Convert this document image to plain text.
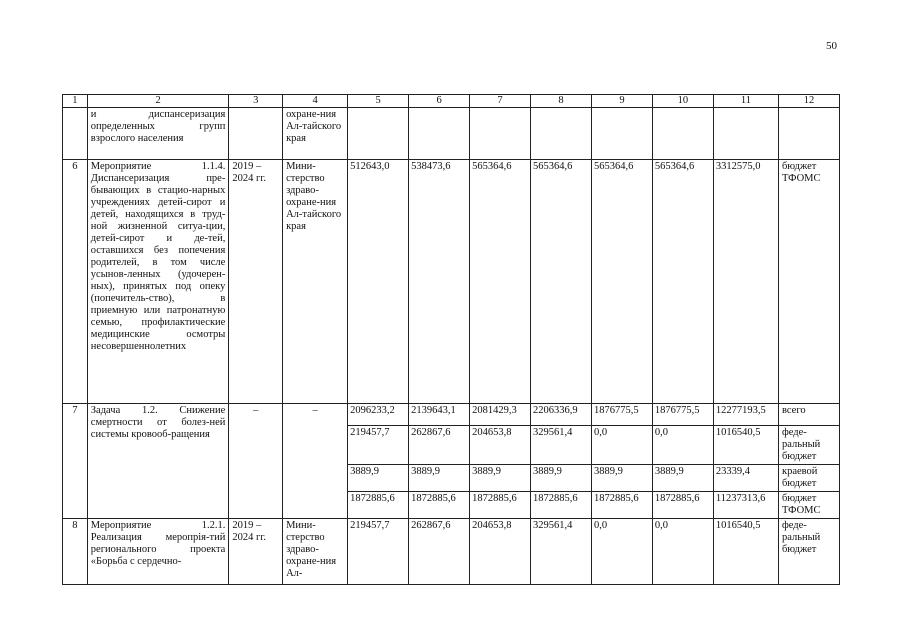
50
1	2	3	4	5	6	7	8	9	10	11	12
	и диспансеризация определенных групп взрослого населения		охране-ния Ал-тайского края								
6	Мероприятие 1.1.4. Диспансеризация пре-бывающих в стацио-нарных учреждениях детей-сирот и детей, находящихся в труд-ной жизненной ситуа-ции, детей-сирот и де-тей, оставшихся без попечения родителей, в том числе усынов-ленных (удочерен-ных), принятых под опеку (попечитель-ство), в приемную или патронатную семью, профилактические медицинские осмотры несовершеннолетних	2019 – 2024 гг.	Мини-стерство здраво-охране-ния Ал-тайского края	512643,0	538473,6	565364,6	565364,6	565364,6	565364,6	3312575,0	бюджет ТФОМС
7	Задача 1.2. Снижение смертности от болез-ней системы кровооб-ращения	–	–	2096233,2	2139643,1	2081429,3	2206336,9	1876775,5	1876775,5	12277193,5	всего
				219457,7	262867,6	204653,8	329561,4	0,0	0,0	1016540,5	феде-ральный бюджет
				3889,9	3889,9	3889,9	3889,9	3889,9	3889,9	23339,4	краевой бюджет
				1872885,6	1872885,6	1872885,6	1872885,6	1872885,6	1872885,6	11237313,6	бюджет ТФОМС
8	Мероприятие 1.2.1. Реализация меропрія-тий регионального проекта «Борьба с сердечно-	2019 – 2024 гг.	Мини-стерство здраво-охране-ния Ал-	219457,7	262867,6	204653,8	329561,4	0,0	0,0	1016540,5	феде-ральный бюджет
